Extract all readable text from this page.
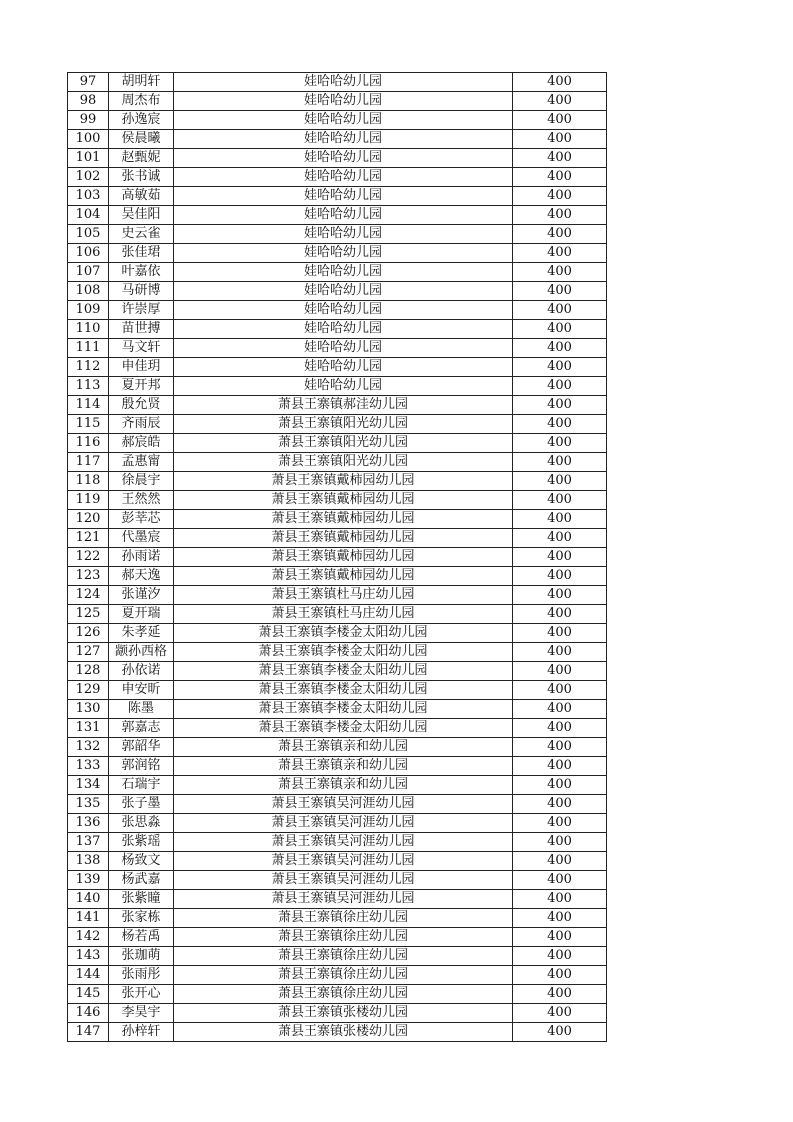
97	胡明轩	娃哈哈幼儿园	400
98	周杰布	娃哈哈幼儿园	400
99	孙逸宸	娃哈哈幼儿园	400
100	侯晨曦	娃哈哈幼儿园	400
101	赵甄妮	娃哈哈幼儿园	400
102	张书诚	娃哈哈幼儿园	400
103	高敏茹	娃哈哈幼儿园	400
104	吴佳阳	娃哈哈幼儿园	400
105	史云雀	娃哈哈幼儿园	400
106	张佳珺	娃哈哈幼儿园	400
107	叶嘉依	娃哈哈幼儿园	400
108	马研博	娃哈哈幼儿园	400
109	许崇厚	娃哈哈幼儿园	400
110	苗世搏	娃哈哈幼儿园	400
111	马文轩	娃哈哈幼儿园	400
112	申佳玥	娃哈哈幼儿园	400
113	夏开邦	娃哈哈幼儿园	400
114	殷允贤	萧县王寨镇郝洼幼儿园	400
115	齐雨辰	萧县王寨镇阳光幼儿园	400
116	郝宸皓	萧县王寨镇阳光幼儿园	400
117	孟惠甯	萧县王寨镇阳光幼儿园	400
118	徐晨宇	萧县王寨镇戴柿园幼儿园	400
119	王然然	萧县王寨镇戴柿园幼儿园	400
120	彭莘芯	萧县王寨镇戴柿园幼儿园	400
121	代墨宸	萧县王寨镇戴柿园幼儿园	400
122	孙雨诺	萧县王寨镇戴柿园幼儿园	400
123	郝天逸	萧县王寨镇戴柿园幼儿园	400
124	张谨汐	萧县王寨镇杜马庄幼儿园	400
125	夏开瑞	萧县王寨镇杜马庄幼儿园	400
126	朱孝延	萧县王寨镇李楼金太阳幼儿园	400
127	颛孙西格	萧县王寨镇李楼金太阳幼儿园	400
128	孙依诺	萧县王寨镇李楼金太阳幼儿园	400
129	申安昕	萧县王寨镇李楼金太阳幼儿园	400
130	陈墨	萧县王寨镇李楼金太阳幼儿园	400
131	郭嘉志	萧县王寨镇李楼金太阳幼儿园	400
132	郭韶华	萧县王寨镇亲和幼儿园	400
133	郭润铭	萧县王寨镇亲和幼儿园	400
134	石瑞宇	萧县王寨镇亲和幼儿园	400
135	张子墨	萧县王寨镇吴河涯幼儿园	400
136	张思淼	萧县王寨镇吴河涯幼儿园	400
137	张紫瑶	萧县王寨镇吴河涯幼儿园	400
138	杨致文	萧县王寨镇吴河涯幼儿园	400
139	杨武嘉	萧县王寨镇吴河涯幼儿园	400
140	张紫瞳	萧县王寨镇吴河涯幼儿园	400
141	张家栋	萧县王寨镇徐庄幼儿园	400
142	杨若禹	萧县王寨镇徐庄幼儿园	400
143	张珈萌	萧县王寨镇徐庄幼儿园	400
144	张雨彤	萧县王寨镇徐庄幼儿园	400
145	张开心	萧县王寨镇徐庄幼儿园	400
146	李昊宇	萧县王寨镇张楼幼儿园	400
147	孙梓轩	萧县王寨镇张楼幼儿园	400
